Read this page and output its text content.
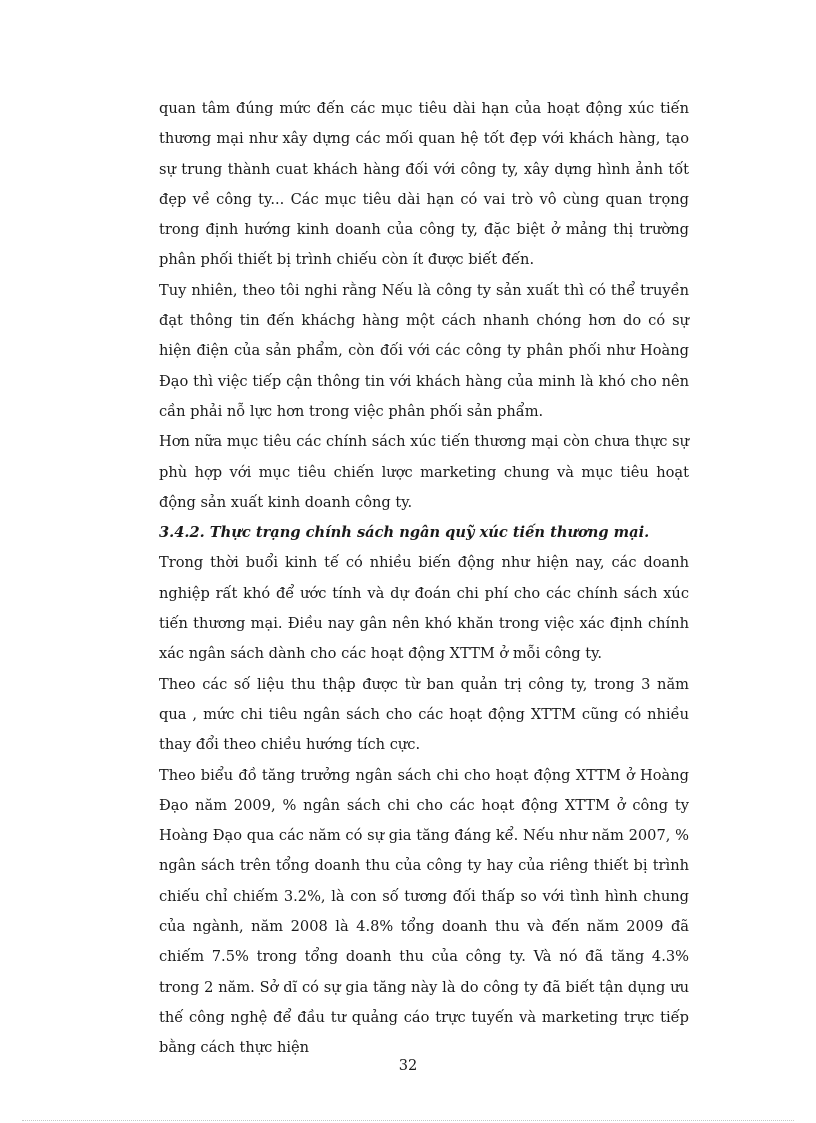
quan tâm đúng mức đến các mục tiêu dài hạn của hoạt động xúc tiến thương mại như xây dựng các mối quan hệ tốt đẹp với khách hàng, tạo sự trung thành cuat khách hàng đối với công ty, xây dựng hình ảnh tốt đẹp về công ty... Các mục tiêu dài hạn có vai trò vô cùng quan trọng trong định hướng kinh doanh của công ty, đặc biệt ở mảng thị trường phân phối thiết bị trình chiếu còn ít được biết đến.

Tuy nhiên, theo tôi nghi rằng Nếu là công ty sản xuất thì có thể truyền đạt thông tin đến kháchg hàng một cách nhanh chóng hơn do có sự hiện điện của sản phẩm, còn đối với các công ty phân phối như Hoàng Đạo thì việc tiếp cận thông tin với khách hàng của minh là khó cho nên cần phải nỗ lực hơn trong việc phân phối sản phẩm.

Hơn nữa mục tiêu các chính sách xúc tiến thương mại còn chưa thực sự phù hợp với mục tiêu chiến lược marketing chung và mục tiêu hoạt động sản xuất kinh doanh công ty.

3.4.2. Thực trạng chính sách ngân quỹ xúc tiến thương mại.

Trong thời buổi kinh tế có nhiều biến động như hiện nay, các doanh nghiệp rất khó để ước tính và dự đoán chi phí cho các chính sách xúc tiến thương mại. Điều nay gân nên khó khăn trong việc xác định chính xác ngân sách dành cho các hoạt động XTTM ở mỗi công ty.

Theo các số liệu thu thập được từ ban quản trị công ty, trong 3 năm qua , mức chi tiêu ngân sách cho các hoạt động XTTM cũng có nhiều thay đổi theo chiều hướng tích cực.

Theo biểu đồ tăng trưởng ngân sách chi cho hoạt động XTTM ở Hoàng Đạo năm 2009, % ngân sách chi cho các hoạt động XTTM ở công ty Hoàng Đạo qua các năm có sự gia tăng đáng kể. Nếu như năm 2007, % ngân sách trên tổng doanh thu của công ty hay của riêng thiết bị trình chiếu chỉ chiếm 3.2%, là con số tương đối thấp so với tình hình chung của ngành, năm 2008 là 4.8% tổng doanh thu và đến năm 2009 đã chiếm 7.5% trong tổng doanh thu của công ty. Và nó đã tăng 4.3% trong 2 năm. Sở dĩ có sự gia tăng này là do công ty đã biết tận dụng ưu thế công nghệ để đầu tư quảng cáo trực tuyến và marketing trực tiếp bằng cách thực hiện

32
